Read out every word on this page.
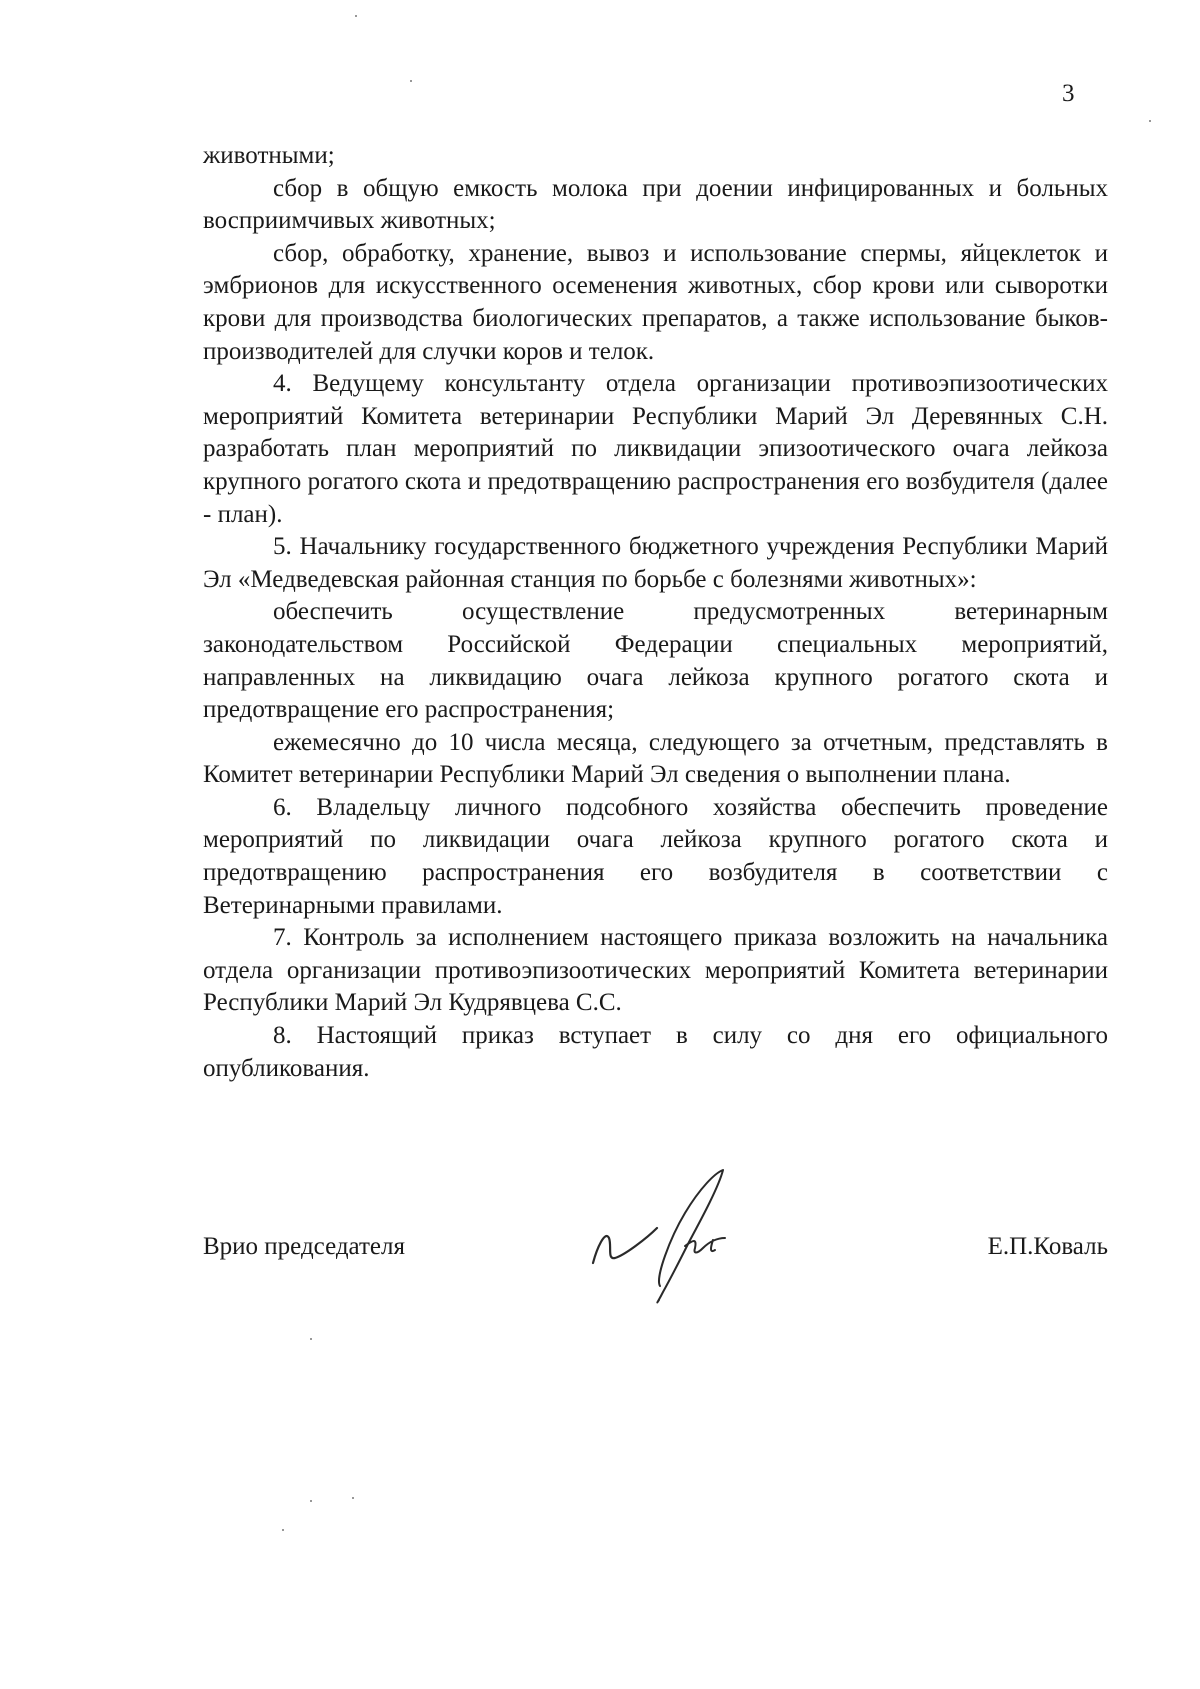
3

животными;

сбор в общую емкость молока при доении инфицированных и больных восприимчивых животных;

сбор, обработку, хранение, вывоз и использование спермы, яйцеклеток и эмбрионов для искусственного осеменения животных, сбор крови или сыворотки крови для производства биологических препаратов, а также использование быков-производителей для случки коров и телок.

4. Ведущему консультанту отдела организации противоэпизоотических мероприятий Комитета ветеринарии Республики Марий Эл Деревянных С.Н. разработать план мероприятий по ликвидации эпизоотического очага лейкоза крупного рогатого скота и предотвращению распространения его возбудителя (далее - план).

5. Начальнику государственного бюджетного учреждения Республики Марий Эл «Медведевская районная станция по борьбе с болезнями животных»:

обеспечить осуществление предусмотренных ветеринарным законодательством Российской Федерации специальных мероприятий, направленных на ликвидацию очага лейкоза крупного рогатого скота и предотвращение его распространения;

ежемесячно до 10 числа месяца, следующего за отчетным, представлять в Комитет ветеринарии Республики Марий Эл сведения о выполнении плана.

6. Владельцу личного подсобного хозяйства обеспечить проведение мероприятий по ликвидации очага лейкоза крупного рогатого скота и предотвращению распространения его возбудителя в соответствии с Ветеринарными правилами.

7. Контроль за исполнением настоящего приказа возложить на начальника отдела организации противоэпизоотических мероприятий Комитета ветеринарии Республики Марий Эл Кудрявцева С.С.

8. Настоящий приказ вступает в силу со дня его официального опубликования.

Врио председателя	Е.П.Коваль
